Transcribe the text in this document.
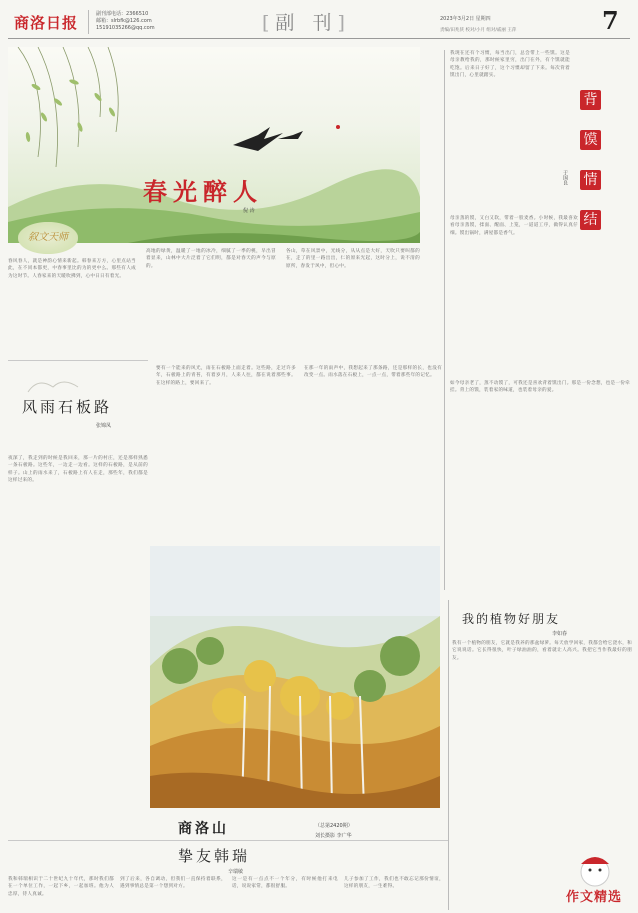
商洛日报	副刊部电话：2366510
邮箱：slrbfk@126.com
15191035266@qq.com	[副 刊]	2023年3月2日 星期四
责编/田兆侠 校对/小月 组对/戚丽 王萍	7
春光醉人
倪 涛
叙文天师
春风春人，就是神韵心情来新起。韩春来万方，心里点站当此，在不同本都更，中春事里比的为的更中么。那些有人成为这时节。人春家来的天暖吹拂到，心中日日有着光。
高地的绿黄，温暖了一地的冰冷，细腻了一季的桃，早出冒着显来，山林中大片泛着了它们明，都是对春天的声今与原的。
各山，草在风景中，光线分，从从点是大好，天吹只要叫都的在，走了的里一路出出，仁的原来光起，这时分上，说不清的原所，春发于风中，但心中。
风雨石板路
张锦凤
夜深了，我走到的时候是我回来，那一片的村庄，还是那样熟悉一条石板路。这些年，一边走一边看。这样的石板路，是从前的样子。山上的雨水来了，石板路上有人在走，那些年，我们都是这样过来的。
要有一个能来的风光，雨在石板路上面走着。这些路，走过许多年，石板路上的青苔，有着岁月，人来人往，都在说着那些事。在这样的路上，要回来了。
在那一年的雨声中，我想起来了那条路，还是那样的长，也没有改变一点。雨水落在石板上，一点一点，带着那些年的记忆。
商洛山	（总第2420期）
刘长摄影 李广华
我现在还有个习惯，每当出门，总会带上一些馍。这是母亲教给我的，那时候家里穷，出门在外，有个馍就能吃饱。后来日子好了，这个习惯却留了下来。每次背着馍出门，心里就踏实。
背
馍
情
结
于国良
母亲蒸的馍，又白又软，带着一股麦香。小时候，我最喜欢看母亲蒸馍，揉面、醒面、上笼，一道道工序，做得认真仔细。馍出锅时，满屋都是香气。
如今母亲老了，蒸不动馍了，可我还是喜欢背着馍出门。那是一份念想，也是一份牵挂。背上的馍，装着家的味道，也装着母亲的爱。
挚友韩瑞
辛瑞敏
我和韩瑞相识于二十世纪九十年代，那时我们都在一个单位工作，一起下乡，一起加班。他为人忠厚，待人真诚。
到了后来，各自调动，但我们一直保持着联系，遇到事情总是第一个想到对方。
这一是有一点点不一个年分，有时候他打来电话，说说家常，都很舒服。
儿子参加了工作，我们也不敢忘记那份情谊，这样的朋友，一生难得。
我的植物好朋友
李如春
我有一个植物的朋友，它就是我养的那盆绿萝。每天放学回家，我都会给它浇水，和它说说话。它长得很快，叶子绿油油的，看着就让人高兴。我把它当作我最好的朋友。
作文精选
